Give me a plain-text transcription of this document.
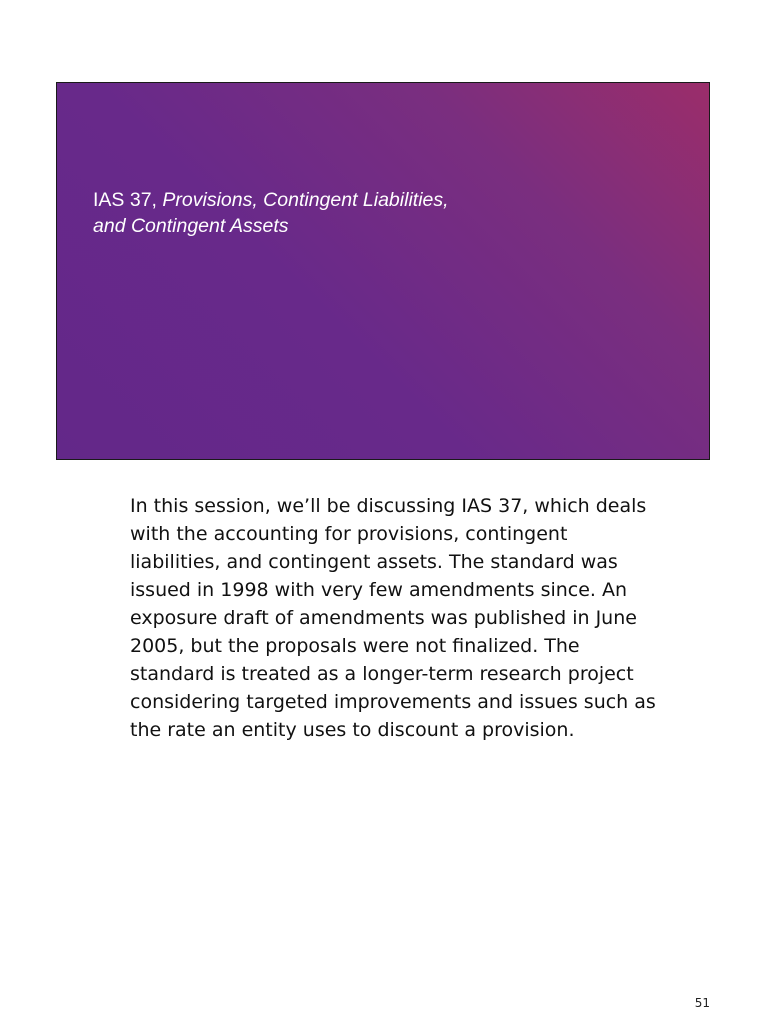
IAS 37, Provisions, Contingent Liabilities,
and Contingent Assets
In this session, we’ll be discussing IAS 37, which deals
with the accounting for provisions, contingent
liabilities, and contingent assets. The standard was
issued in 1998 with very few amendments since. An
exposure draft of amendments was published in June
2005, but the proposals were not finalized. The
standard is treated as a longer-term research project
considering targeted improvements and issues such as
the rate an entity uses to discount a provision.
51
